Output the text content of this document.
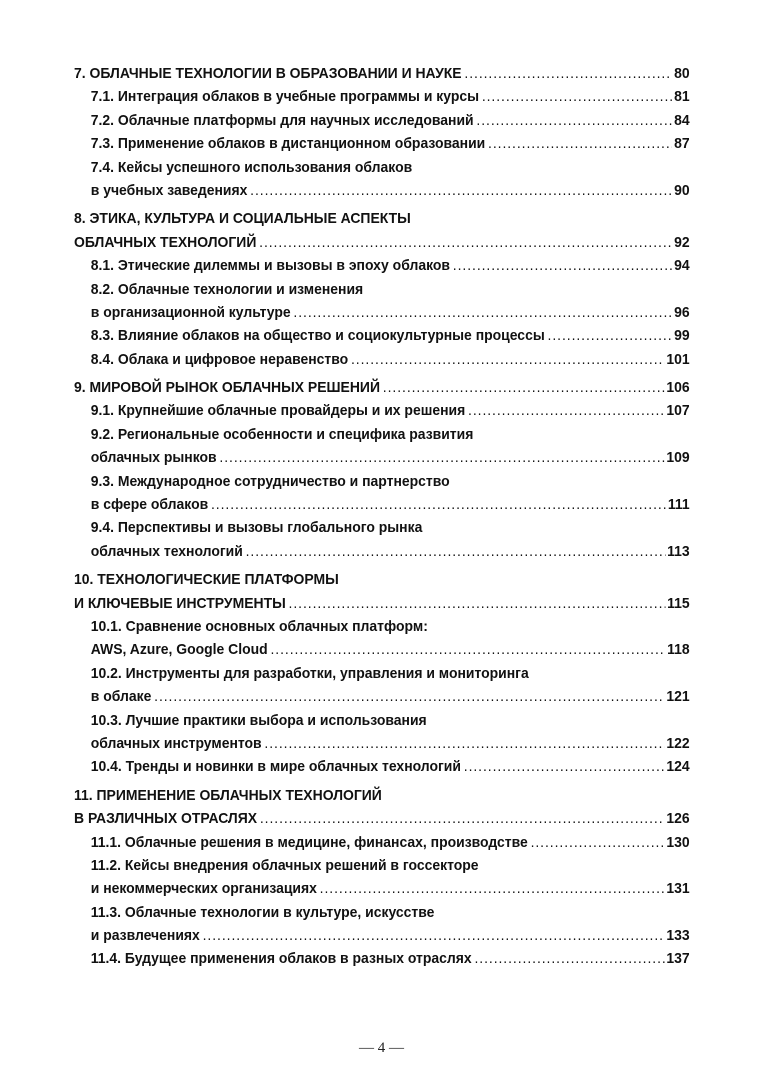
7. ОБЛАЧНЫЕ ТЕХНОЛОГИИ В ОБРАЗОВАНИИ И НАУКЕ .....	80
7.1. Интеграция облаков в учебные программы и курсы .....	81
7.2. Облачные платформы для научных исследований .....	84
7.3. Применение облаков в дистанционном образовании .....	87
7.4. Кейсы успешного использования облаков
в учебных заведениях .....	90
8. ЭТИКА, КУЛЬТУРА И СОЦИАЛЬНЫЕ АСПЕКТЫ
ОБЛАЧНЫХ ТЕХНОЛОГИЙ .....	92
8.1. Этические дилеммы и вызовы в эпоху облаков .....	94
8.2. Облачные технологии и изменения
в организационной культуре .....	96
8.3. Влияние облаков на общество и социокультурные процессы .....	99
8.4. Облака и цифровое неравенство .....	101
9. МИРОВОЙ РЫНОК ОБЛАЧНЫХ РЕШЕНИЙ .....	106
9.1. Крупнейшие облачные провайдеры и их решения .....	107
9.2. Региональные особенности и специфика развития
облачных рынков .....	109
9.3. Международное сотрудничество и партнерство
в сфере облаков .....	111
9.4. Перспективы и вызовы глобального рынка
облачных технологий .....	113
10. ТЕХНОЛОГИЧЕСКИЕ ПЛАТФОРМЫ
И КЛЮЧЕВЫЕ ИНСТРУМЕНТЫ .....	115
10.1. Сравнение основных облачных платформ:
AWS, Azure, Google Cloud .....	118
10.2. Инструменты для разработки, управления и мониторинга
в облаке .....	121
10.3. Лучшие практики выбора и использования
облачных инструментов .....	122
10.4. Тренды и новинки в мире облачных технологий .....	124
11. ПРИМЕНЕНИЕ ОБЛАЧНЫХ ТЕХНОЛОГИЙ
В РАЗЛИЧНЫХ ОТРАСЛЯХ .....	126
11.1. Облачные решения в медицине, финансах, производстве .....	130
11.2. Кейсы внедрения облачных решений в госсекторе
и некоммерческих организациях .....	131
11.3. Облачные технологии в культуре, искусстве
и развлечениях .....	133
11.4. Будущее применения облаков в разных отраслях .....	137
— 4 —
